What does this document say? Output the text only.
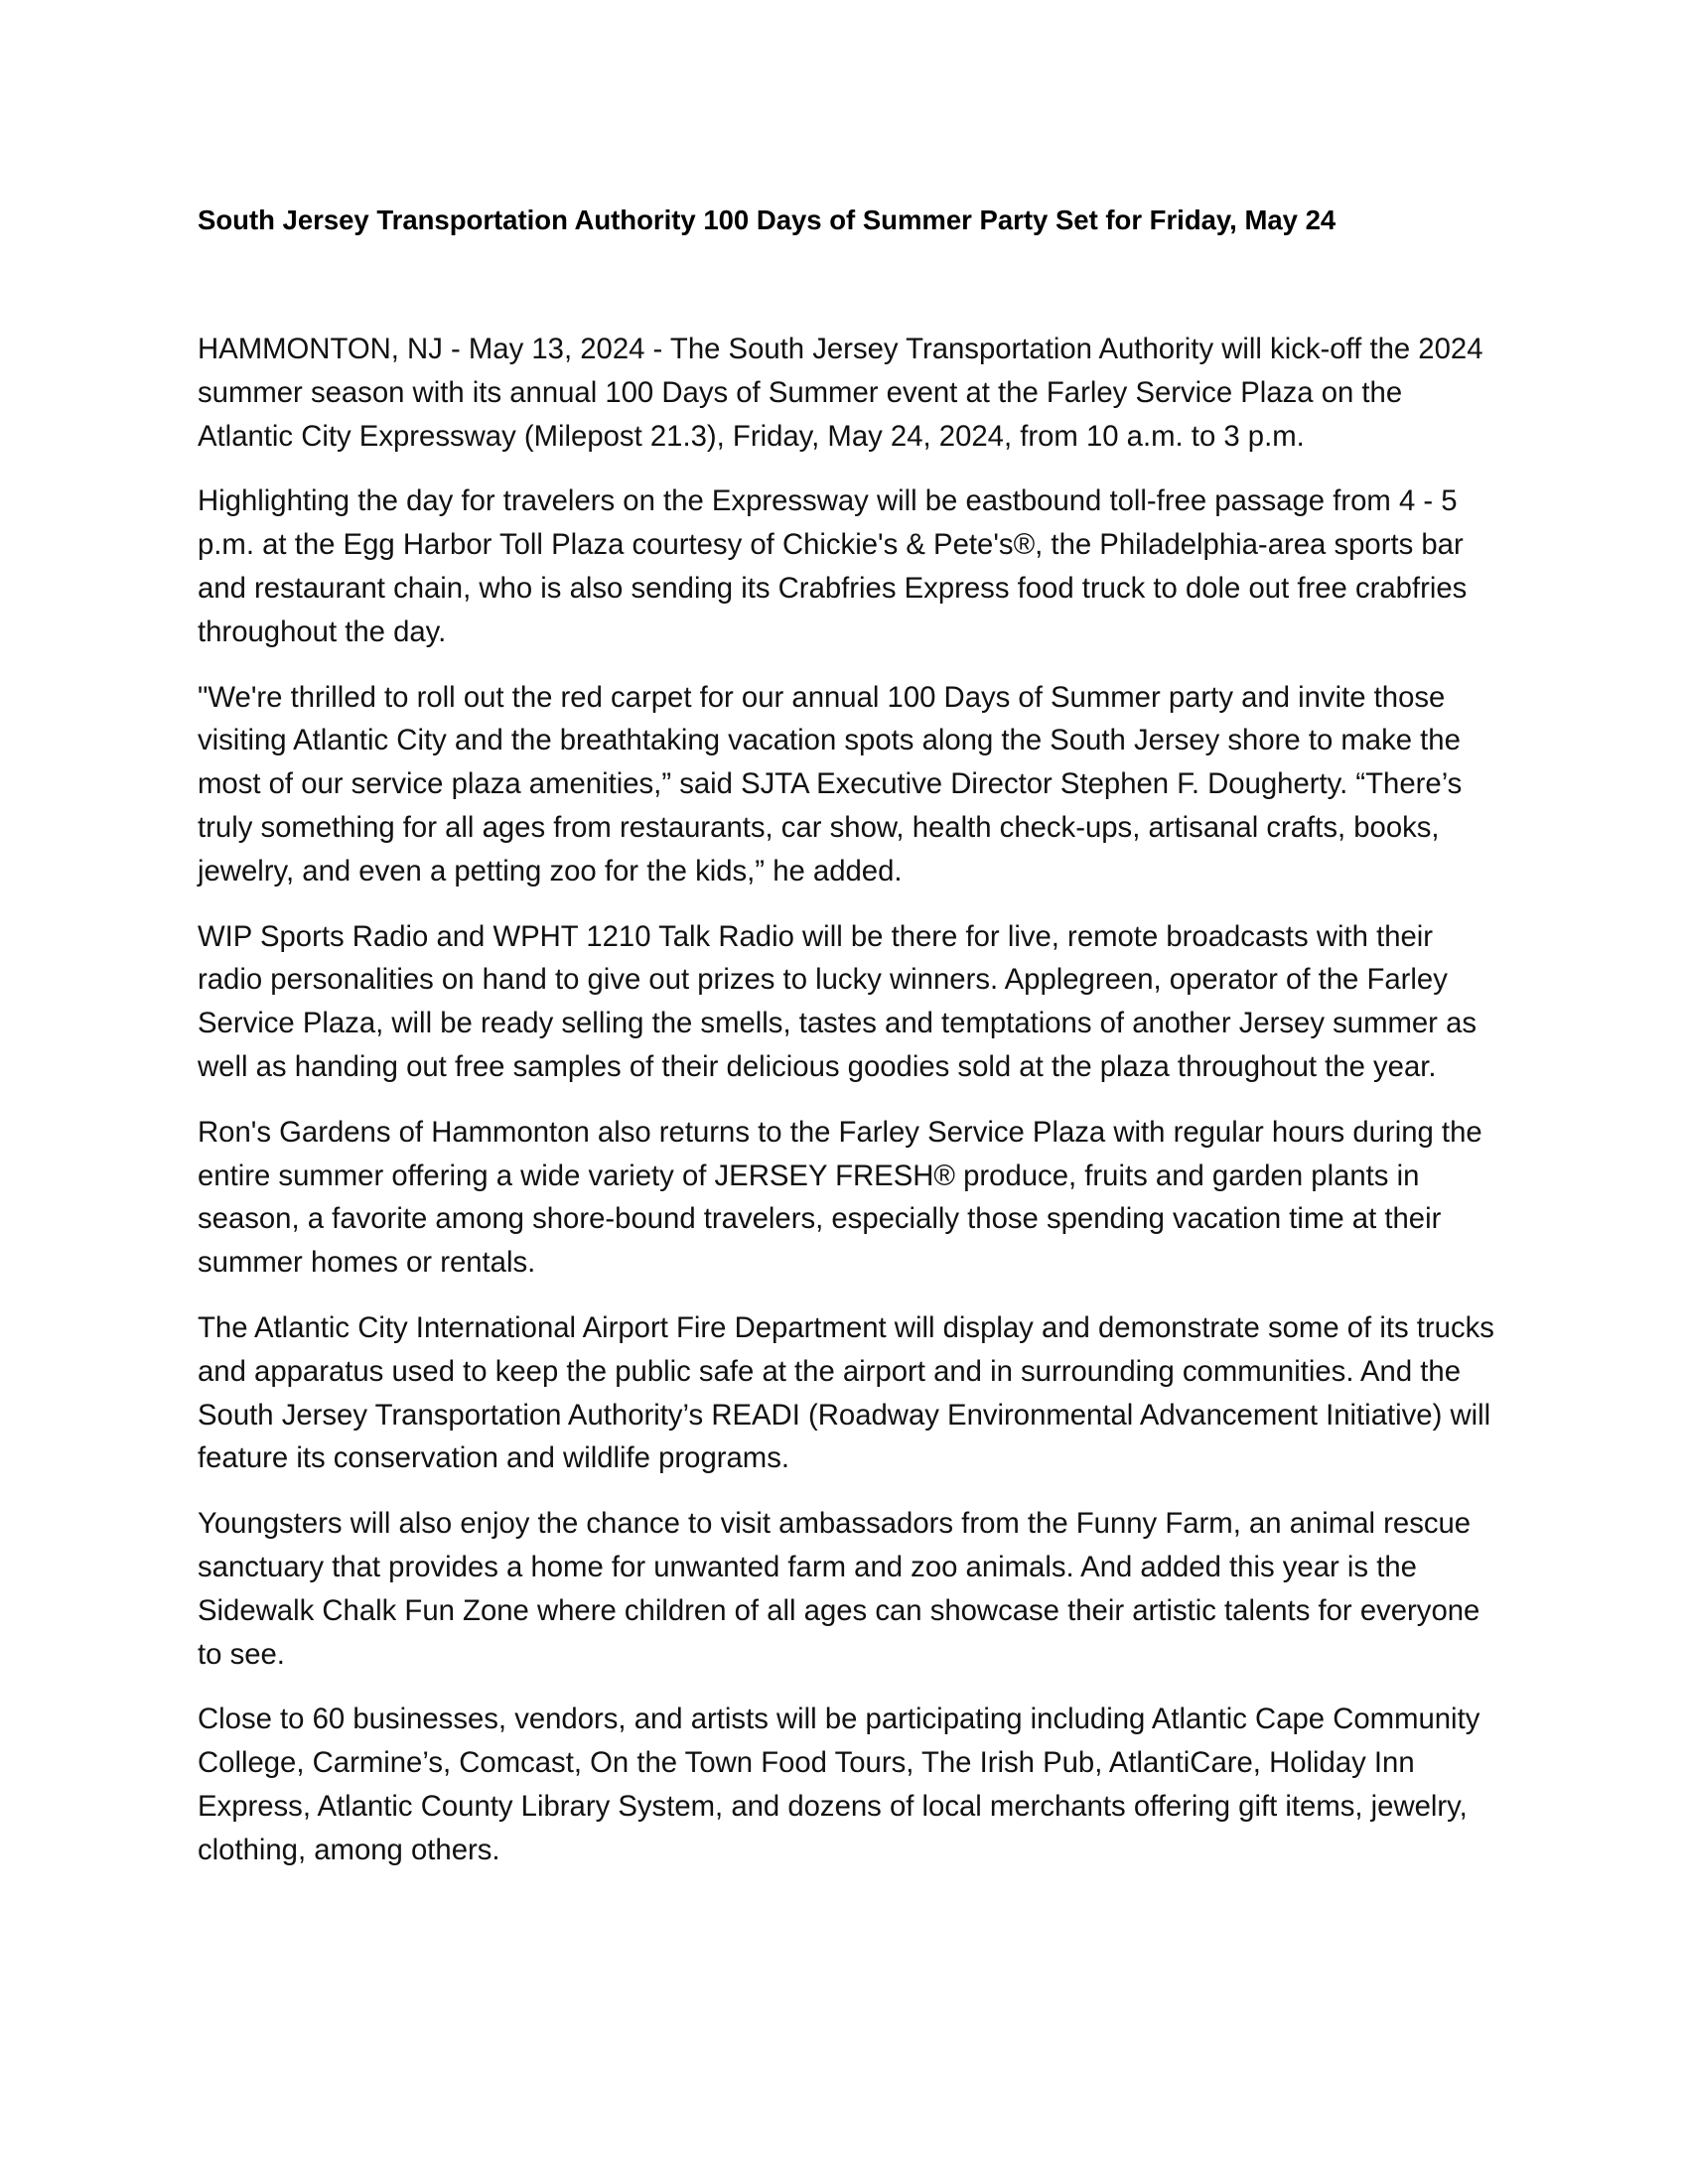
South Jersey Transportation Authority 100 Days of Summer Party Set for Friday, May 24

HAMMONTON, NJ - May 13, 2024 - The South Jersey Transportation Authority will kick-off the 2024 summer season with its annual 100 Days of Summer event at the Farley Service Plaza on the Atlantic City Expressway (Milepost 21.3), Friday, May 24, 2024, from 10 a.m. to 3 p.m.

Highlighting the day for travelers on the Expressway will be eastbound toll-free passage from 4 - 5 p.m. at the Egg Harbor Toll Plaza courtesy of Chickie's & Pete's®, the Philadelphia-area sports bar and restaurant chain, who is also sending its Crabfries Express food truck to dole out free crabfries throughout the day.

"We're thrilled to roll out the red carpet for our annual 100 Days of Summer party and invite those visiting Atlantic City and the breathtaking vacation spots along the South Jersey shore to make the most of our service plaza amenities,” said SJTA Executive Director Stephen F. Dougherty. “There’s truly something for all ages from restaurants, car show, health check-ups, artisanal crafts, books, jewelry, and even a petting zoo for the kids,” he added.

WIP Sports Radio and WPHT 1210 Talk Radio will be there for live, remote broadcasts with their radio personalities on hand to give out prizes to lucky winners. Applegreen, operator of the Farley Service Plaza, will be ready selling the smells, tastes and temptations of another Jersey summer as well as handing out free samples of their delicious goodies sold at the plaza throughout the year.

Ron's Gardens of Hammonton also returns to the Farley Service Plaza with regular hours during the entire summer offering a wide variety of JERSEY FRESH® produce, fruits and garden plants in season, a favorite among shore-bound travelers, especially those spending vacation time at their summer homes or rentals.

The Atlantic City International Airport Fire Department will display and demonstrate some of its trucks and apparatus used to keep the public safe at the airport and in surrounding communities. And the South Jersey Transportation Authority’s READI (Roadway Environmental Advancement Initiative) will feature its conservation and wildlife programs.

Youngsters will also enjoy the chance to visit ambassadors from the Funny Farm, an animal rescue sanctuary that provides a home for unwanted farm and zoo animals. And added this year is the Sidewalk Chalk Fun Zone where children of all ages can showcase their artistic talents for everyone to see.

Close to 60 businesses, vendors, and artists will be participating including Atlantic Cape Community College, Carmine’s, Comcast, On the Town Food Tours, The Irish Pub, AtlantiCare, Holiday Inn Express, Atlantic County Library System, and dozens of local merchants offering gift items, jewelry, clothing, among others.
